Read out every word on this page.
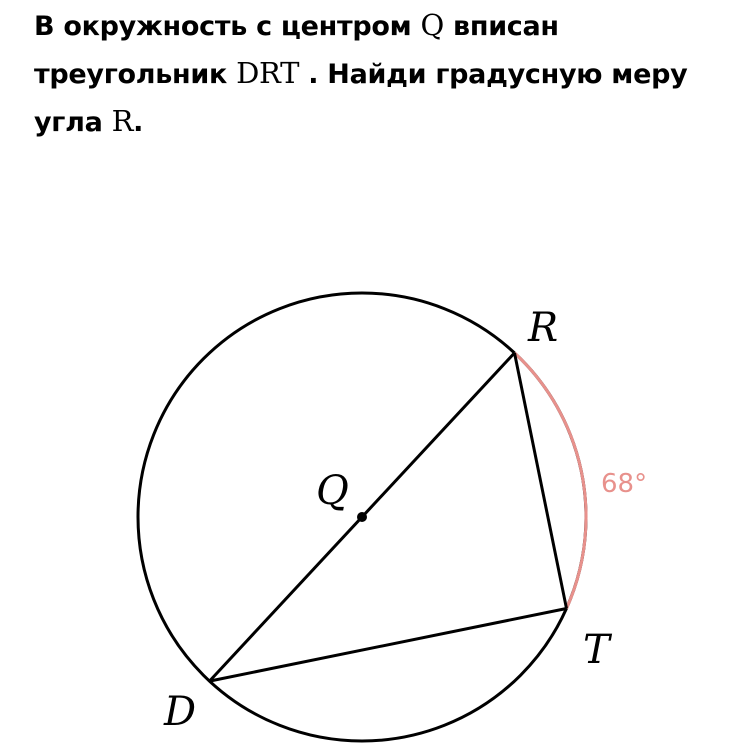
В окружность с центром Q вписан
треугольник DRT . Найди градусную меру
угла R.

Q
R
T
D
68°
